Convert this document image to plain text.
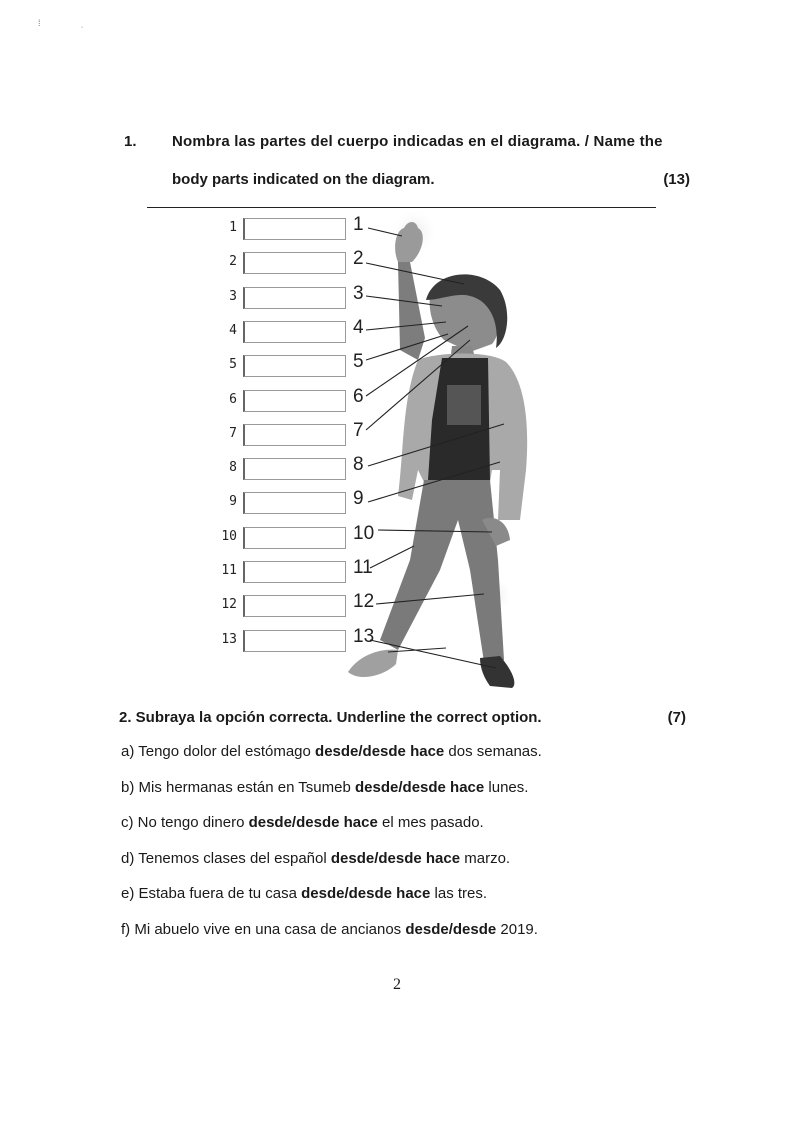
⁞                ˌ
1. Nombra las partes del cuerpo indicadas en el diagrama. / Name the
body parts indicated on the diagram.	(13)
1	1
2	2
3	3
4	4
5	5
6	6
7	7
8	8
9	9
10	10
11	11
12	12
13	13
2. Subraya la opción correcta. Underline the correct option.	(7)
a) Tengo dolor del estómago desde/desde hace dos semanas.
b) Mis hermanas están en Tsumeb desde/desde hace lunes.
c) No tengo dinero desde/desde hace el mes pasado.
d) Tenemos clases del español desde/desde hace marzo.
e) Estaba fuera de tu casa desde/desde hace las tres.
f) Mi abuelo vive en una casa de ancianos desde/desde 2019.
2
